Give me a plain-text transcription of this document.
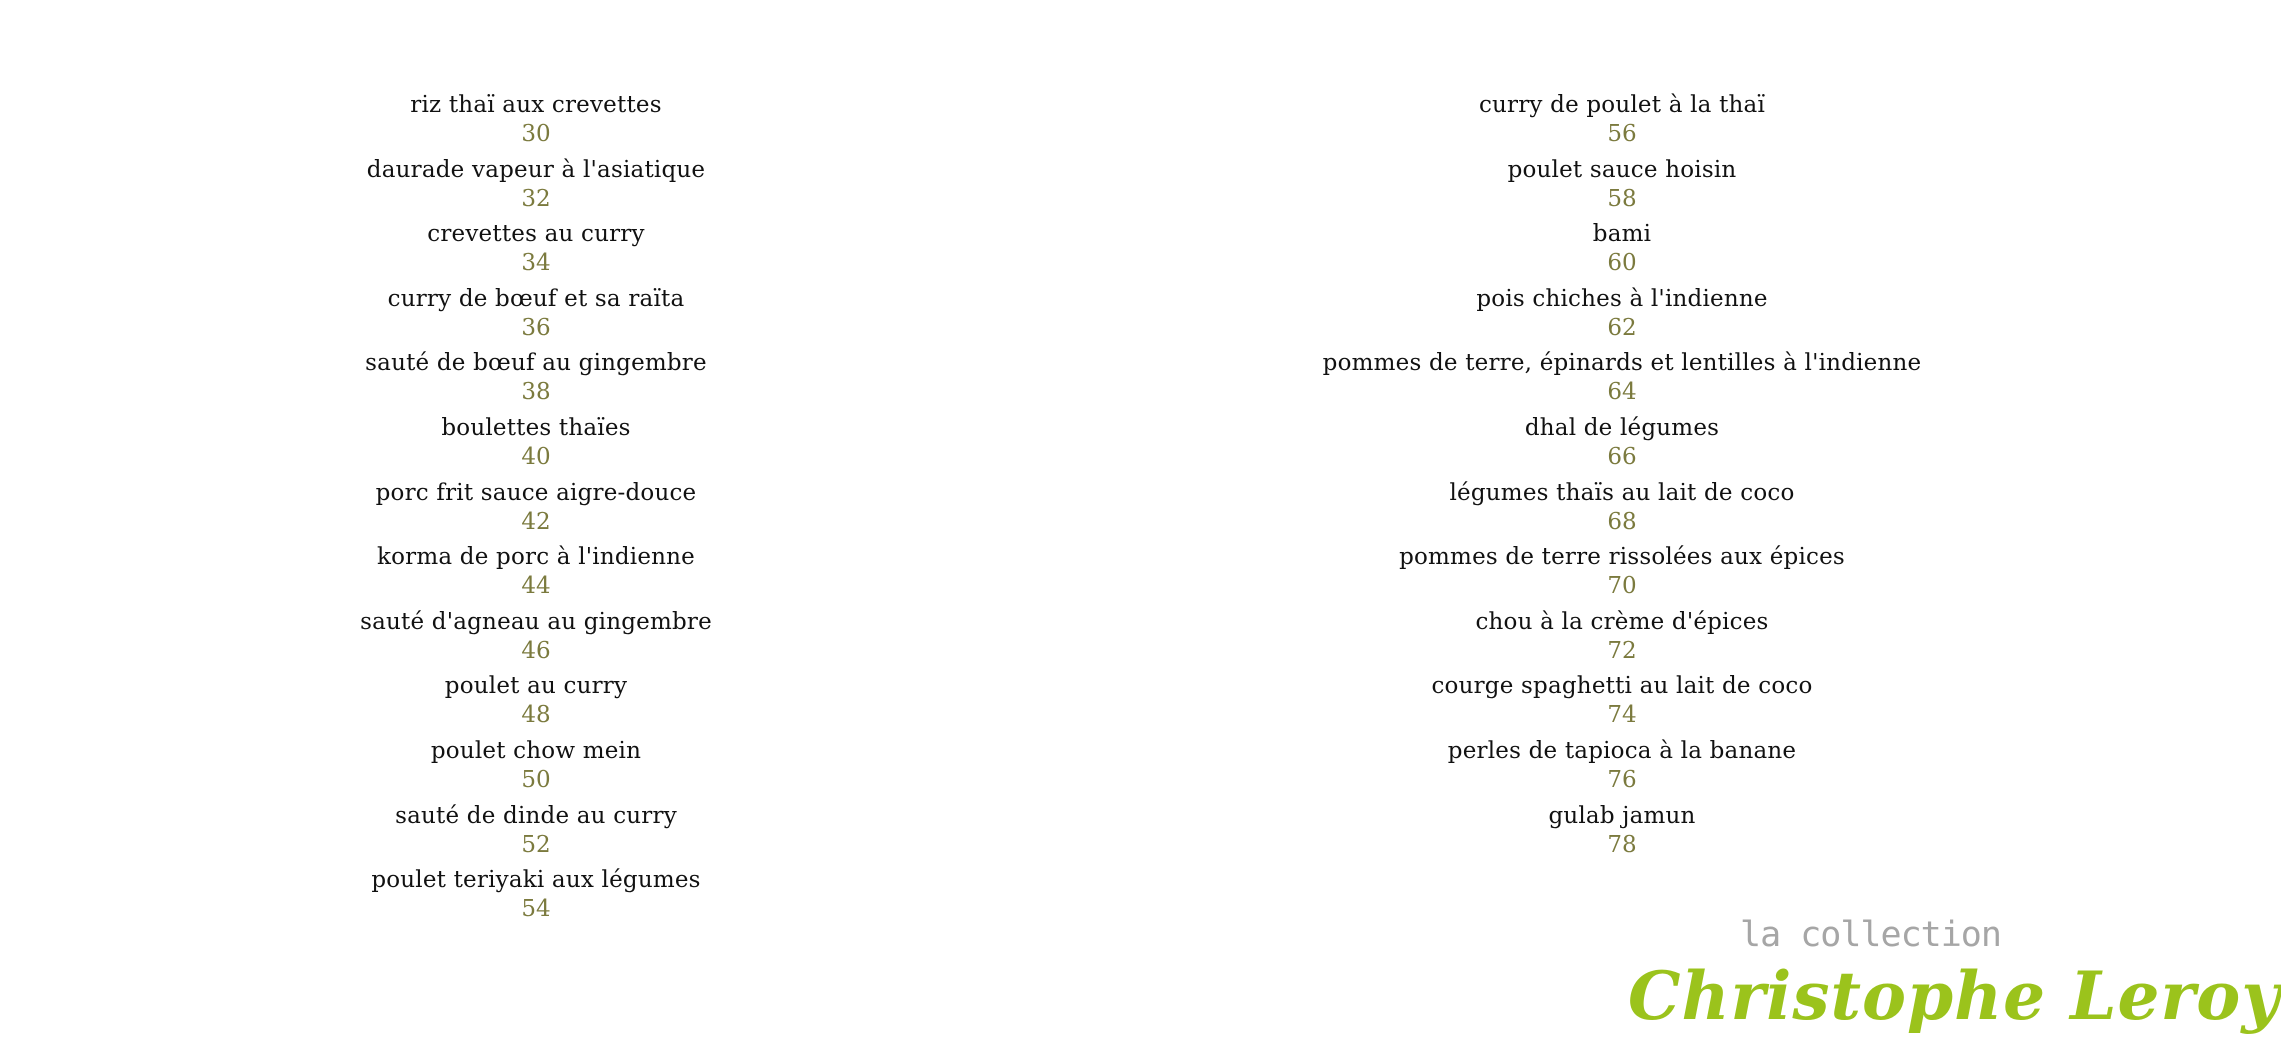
riz thaï aux crevettes
30
daurade vapeur à l'asiatique
32
crevettes au curry
34
curry de bœuf et sa raïta
36
sauté de bœuf au gingembre
38
boulettes thaïes
40
porc frit sauce aigre-douce
42
korma de porc à l'indienne
44
sauté d'agneau au gingembre
46
poulet au curry
48
poulet chow mein
50
sauté de dinde au curry
52
poulet teriyaki aux légumes
54
curry de poulet à la thaï
56
poulet sauce hoisin
58
bami
60
pois chiches à l'indienne
62
pommes de terre, épinards et lentilles à l'indienne
64
dhal de légumes
66
légumes thaïs au lait de coco
68
pommes de terre rissolées aux épices
70
chou à la crème d'épices
72
courge spaghetti au lait de coco
74
perles de tapioca à la banane
76
gulab jamun
78
la collection
Christophe Leroy
